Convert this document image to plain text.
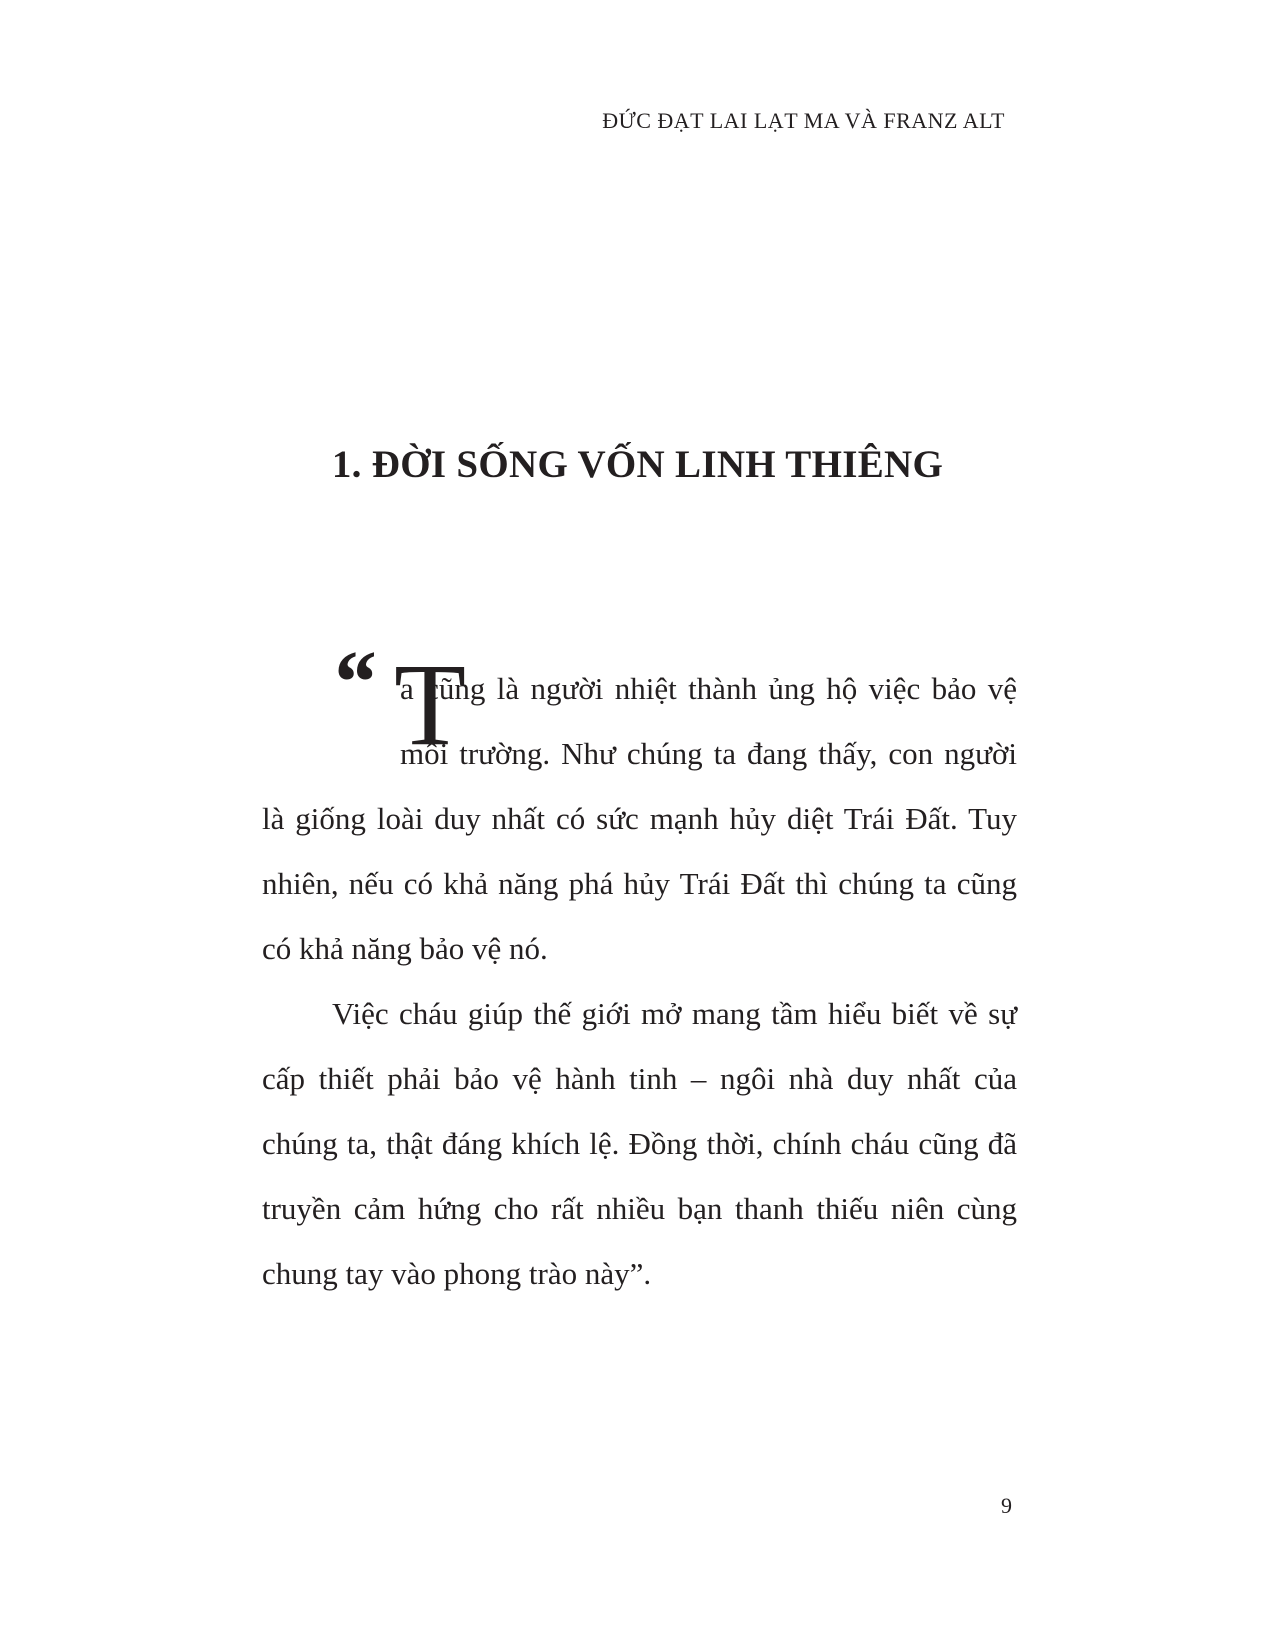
ĐỨC ĐẠT LAI LẠT MA VÀ FRANZ ALT
1. ĐỜI SỐNG VỐN LINH THIÊNG

“ T
a cũng là người nhiệt thành ủng hộ việc bảo vệ môi trường. Như chúng ta đang thấy, con người là giống loài duy nhất có sức mạnh hủy diệt Trái Đất. Tuy nhiên, nếu có khả năng phá hủy Trái Đất thì chúng ta cũng có khả năng bảo vệ nó.

Việc cháu giúp thế giới mở mang tầm hiểu biết về sự cấp thiết phải bảo vệ hành tinh – ngôi nhà duy nhất của chúng ta, thật đáng khích lệ. Đồng thời, chính cháu cũng đã truyền cảm hứng cho rất nhiều bạn thanh thiếu niên cùng chung tay vào phong trào này”.

9
